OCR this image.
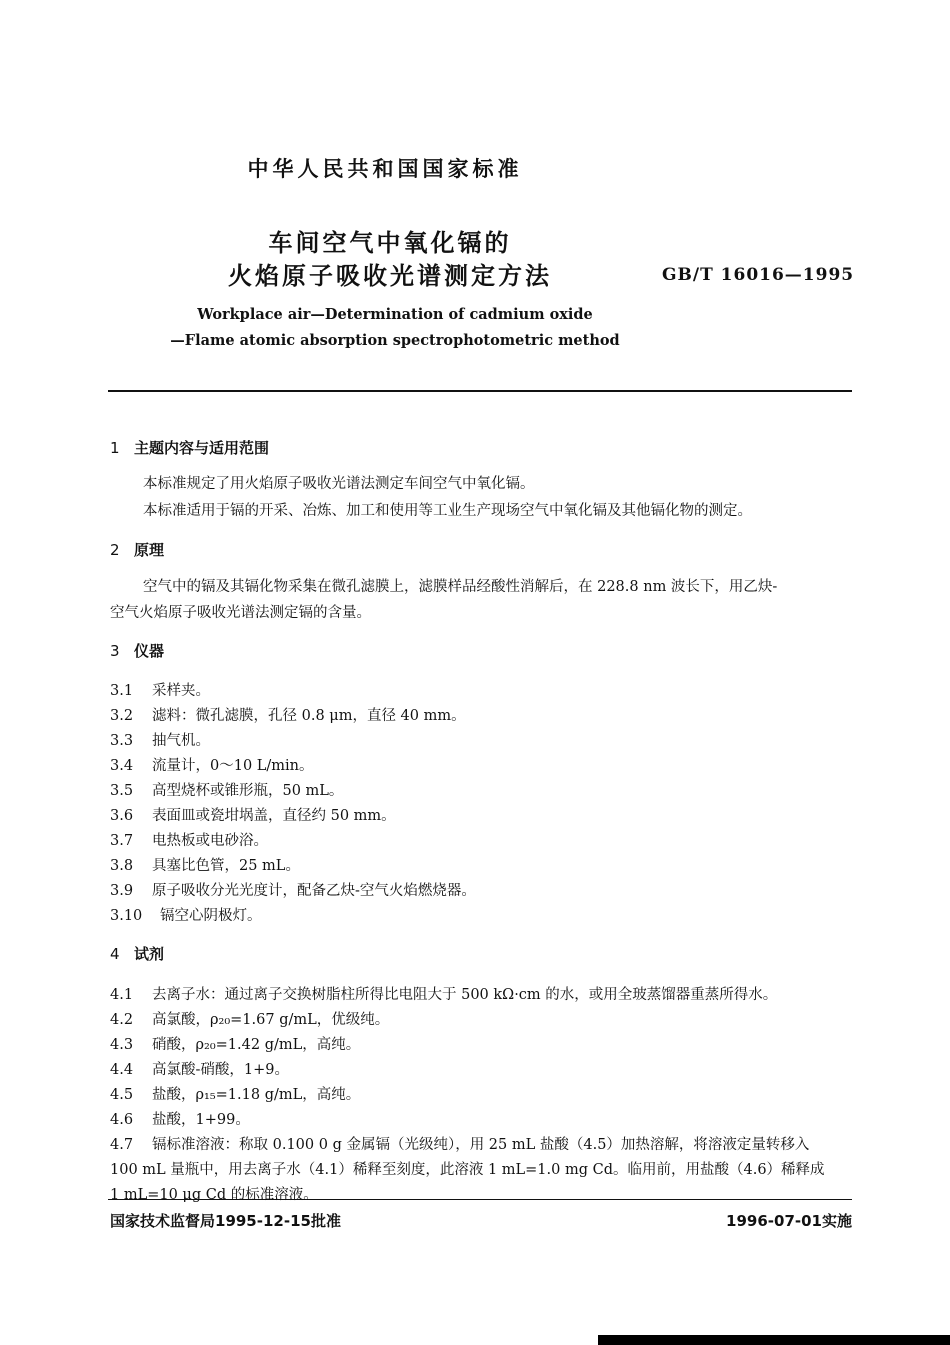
中华人民共和国国家标准
车间空气中氧化镉的
火焰原子吸收光谱测定方法	GB/T 16016—1995
Workplace air—Determination of cadmium oxide
—Flame atomic absorption spectrophotometric method
1 主题内容与适用范围
本标准规定了用火焰原子吸收光谱法测定车间空气中氧化镉。
本标准适用于镉的开采、冶炼、加工和使用等工业生产现场空气中氧化镉及其他镉化物的测定。
2 原理
空气中的镉及其镉化物采集在微孔滤膜上，滤膜样品经酸性消解后，在 228.8 nm 波长下，用乙炔-
空气火焰原子吸收光谱法测定镉的含量。
3 仪器
3.1 采样夹。
3.2 滤料：微孔滤膜，孔径 0.8 μm，直径 40 mm。
3.3 抽气机。
3.4 流量计，0～10 L/min。
3.5 高型烧杯或锥形瓶，50 mL。
3.6 表面皿或瓷坩埚盖，直径约 50 mm。
3.7 电热板或电砂浴。
3.8 具塞比色管，25 mL。
3.9 原子吸收分光光度计，配备乙炔-空气火焰燃烧器。
3.10 镉空心阴极灯。
4 试剂
4.1 去离子水：通过离子交换树脂柱所得比电阻大于 500 kΩ·cm 的水，或用全玻蒸馏器重蒸所得水。
4.2 高氯酸，ρ₂₀=1.67 g/mL，优级纯。
4.3 硝酸，ρ₂₀=1.42 g/mL，高纯。
4.4 高氯酸-硝酸，1+9。
4.5 盐酸，ρ₁₅=1.18 g/mL，高纯。
4.6 盐酸，1+99。
4.7 镉标准溶液：称取 0.100 0 g 金属镉（光级纯），用 25 mL 盐酸（4.5）加热溶解，将溶液定量转移入
100 mL 量瓶中，用去离子水（4.1）稀释至刻度，此溶液 1 mL=1.0 mg Cd。临用前，用盐酸（4.6）稀释成
1 mL=10 μg Cd 的标准溶液。
国家技术监督局1995-12-15批准	1996-07-01实施
